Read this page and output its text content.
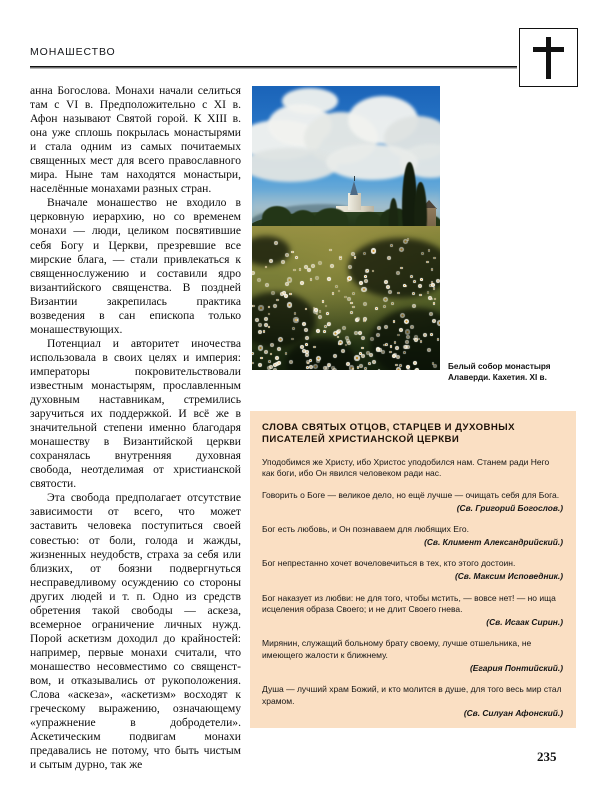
МОНАШЕСТВО

анна Богослова. Монахи начали селиться там с VI в. Предположительно с XI в. Афон называют Святой горой. К XIII в. она уже сплошь покрылась монастырями и стала одним из самых почитаемых священных мест для всего православного мира. Ныне там находятся монастыри, населённые монахами разных стран.

Вначале монашество не входило в церковную иерархию, но со временем монахи — люди, целиком посвятившие себя Богу и Церкви, презревшие все мирские блага, — стали привлекаться к священнослужению и составили ядро византийского священства. В поздней Византии закрепилась практика возведения в сан епископа только монашествующих.

Потенциал и авторитет иночества использовала в своих целях и империя: императоры покровительствовали известным монастырям, прославленным духовным наставникам, стремились заручиться их поддержкой. И всё же в значительной степени именно благодаря монашеству в Византийской церкви сохранялась внутренняя духовная свобода, неотделимая от христианской святости.

Эта свобода предполагает отсутствие зависимости от всего, что может заставить человека поступиться своей совестью: от боли, голода и жажды, жизненных неудобств, страха за себя или близких, от боязни подвергнуться несправедливому осуждению со стороны других людей и т. п. Одно из средств обретения такой свободы — аскеза, всемерное ограничение личных нужд. Порой аскетизм доходил до крайностей: например, первые монахи считали, что монашество несовместимо со священством, и отказывались от рукоположения. Слова «аскеза», «аскетизм» восходят к греческому выражению, означающему «упражнение в добродетели». Аскетическим подвигам монахи предавались не потому, что быть чистым и сытым дурно, так же

Белый собор монастыря Алаверди. Кахетия. XI в.
СЛОВА СВЯТЫХ ОТЦОВ, СТАРЦЕВ И ДУХОВНЫХ ПИСАТЕЛЕЙ ХРИСТИАНСКОЙ ЦЕРКВИ
Уподобимся же Христу, ибо Христос уподобился нам. Станем ради Него как боги, ибо Он явился человеком ради нас.
Говорить о Боге — великое дело, но ещё лучше — очищать себя для Бога.
(Св. Григорий Богослов.)
Бог есть любовь, и Он познаваем для любящих Его.
(Св. Климент Александрийский.)
Бог непрестанно хочет вочеловечиться в тех, кто этого достоин.
(Св. Максим Исповедник.)
Бог наказует из любви: не для того, чтобы мстить, — вовсе нет! — но ища исцеления образа Своего; и не длит Своего гнева.
(Св. Исаак Сирин.)
Мирянин, служащий больному брату своему, лучше отшельника, не имеющего жалости к ближнему.
(Егария Понтийский.)
Душа — лучший храм Божий, и кто молится в душе, для того весь мир стал храмом.
(Св. Силуан Афонский.)
235
